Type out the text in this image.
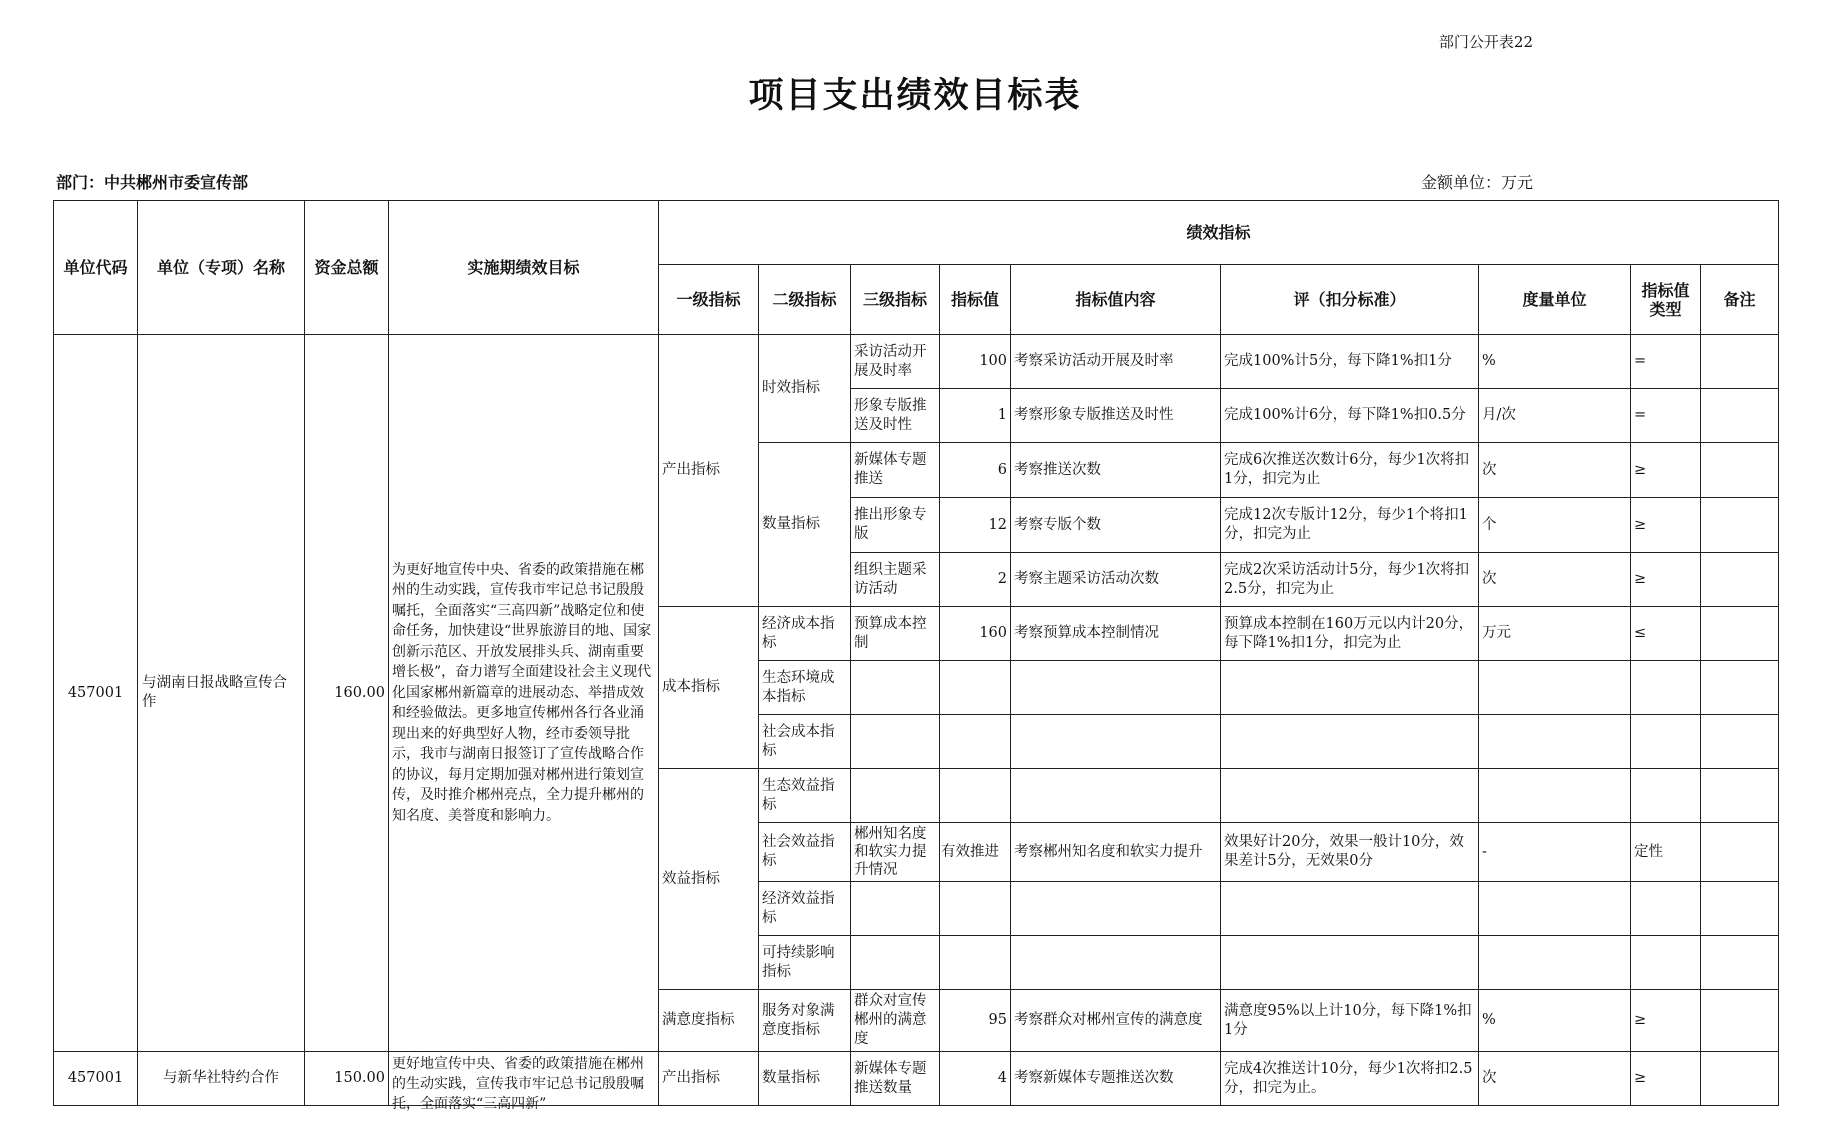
部门公开表22
项目支出绩效目标表
部门：中共郴州市委宣传部	金额单位：万元
单位代码	单位（专项）名称	资金总额	实施期绩效目标	绩效指标								
				一级指标	二级指标	三级指标	指标值	指标值内容	评（扣分标准）	度量单位	指标值类型	备注
457001	与湖南日报战略宣传合作	160.00	为更好地宣传中央、省委的政策措施在郴州的生动实践，宣传我市牢记总书记殷殷嘱托，全面落实“三高四新”战略定位和使命任务，加快建设“世界旅游目的地、国家创新示范区、开放发展排头兵、湖南重要增长极”，奋力谱写全面建设社会主义现代化国家郴州新篇章的进展动态、举措成效和经验做法。更多地宣传郴州各行各业涌现出来的好典型好人物，经市委领导批示，我市与湖南日报签订了宣传战略合作的协议，每月定期加强对郴州进行策划宣传，及时推介郴州亮点，全力提升郴州的知名度、美誉度和影响力。	产出指标	时效指标	采访活动开展及时率	100	考察采访活动开展及时率	完成100%计5分，每下降1%扣1分	%	=	
						形象专版推送及时性	1	考察形象专版推送及时性	完成100%计6分，每下降1%扣0.5分	月/次	=	
					数量指标	新媒体专题推送	6	考察推送次数	完成6次推送次数计6分，每少1次将扣1分，扣完为止	次	≥	
						推出形象专版	12	考察专版个数	完成12次专版计12分，每少1个将扣1分，扣完为止	个	≥	
						组织主题采访活动	2	考察主题采访活动次数	完成2次采访活动计5分，每少1次将扣2.5分，扣完为止	次	≥	
				成本指标	经济成本指标	预算成本控制	160	考察预算成本控制情况	预算成本控制在160万元以内计20分，每下降1%扣1分，扣完为止	万元	≤	
					生态环境成本指标							
					社会成本指标							
				效益指标	生态效益指标							
					社会效益指标	郴州知名度和软实力提升情况	有效推进	考察郴州知名度和软实力提升	效果好计20分，效果一般计10分，效果差计5分，无效果0分	-	定性	
					经济效益指标							
					可持续影响指标							
				满意度指标	服务对象满意度指标	群众对宣传郴州的满意度	95	考察群众对郴州宣传的满意度	满意度95%以上计10分，每下降1%扣1分	%	≥	
457001	与新华社特约合作	150.00	更好地宣传中央、省委的政策措施在郴州的生动实践，宣传我市牢记总书记殷殷嘱托，全面落实“三高四新”	产出指标	数量指标	新媒体专题推送数量	4	考察新媒体专题推送次数	完成4次推送计10分，每少1次将扣2.5分，扣完为止。	次	≥	
